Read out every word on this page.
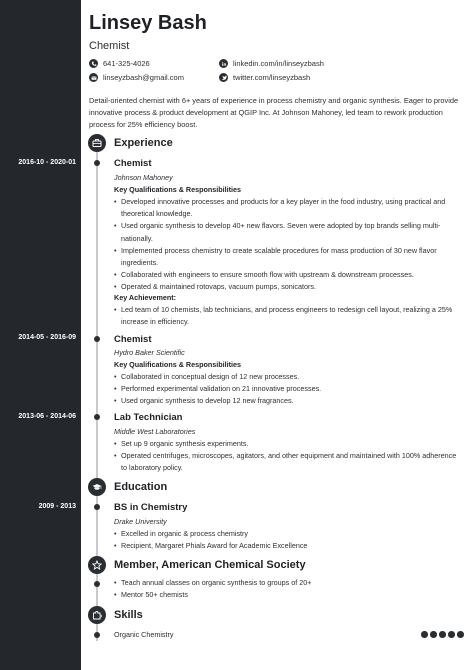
Linsey Bash
Chemist
641-325-4026
linseyzbash@gmail.com
linkedin.com/in/linseyzbash
twitter.com/linseyzbash
Detail-oriented chemist with 6+ years of experience in process chemistry and organic synthesis. Eager to provide innovative process & product development at QGIP Inc. At Johnson Mahoney, led team to rework production process for 25% efficiency boost.
Experience
2016-10 - 2020-01	Chemist
Johnson Mahoney
Key Qualifications & Responsibilities
• Developed innovative processes and products for a key player in the food industry, using practical and theoretical knowledge.
• Used organic synthesis to develop 40+ new flavors. Seven were adopted by top brands selling multi-nationally.
• Implemented process chemistry to create scalable procedures for mass production of 30 new flavor ingredients.
• Collaborated with engineers to ensure smooth flow with upstream & downstream processes.
• Operated & maintained rotovaps, vacuum pumps, sonicators.
Key Achievement:
• Led team of 10 chemists, lab technicians, and process engineers to redesign cell layout, realizing a 25% increase in efficiency.
2014-05 - 2016-09	Chemist
Hydro Baker Scientific
Key Qualifications & Responsibilities
• Collaborated in conceptual design of 12 new processes.
• Performed experimental validation on 21 innovative processes.
• Used organic synthesis to develop 12 new fragrances.
2013-06 - 2014-06	Lab Technician
Middle West Laboratories
• Set up 9 organic synthesis experiments.
• Operated centrifuges, microscopes, agitators, and other equipment and maintained with 100% adherence to laboratory policy.
Education
2009 - 2013	BS in Chemistry
Drake University
• Excelled in organic & process chemistry
• Recipient, Margaret Phials Award for Academic Excellence
Member, American Chemical Society
• Teach annual classes on organic synthesis to groups of 20+
• Mentor 50+ chemists
Skills
Organic Chemistry
